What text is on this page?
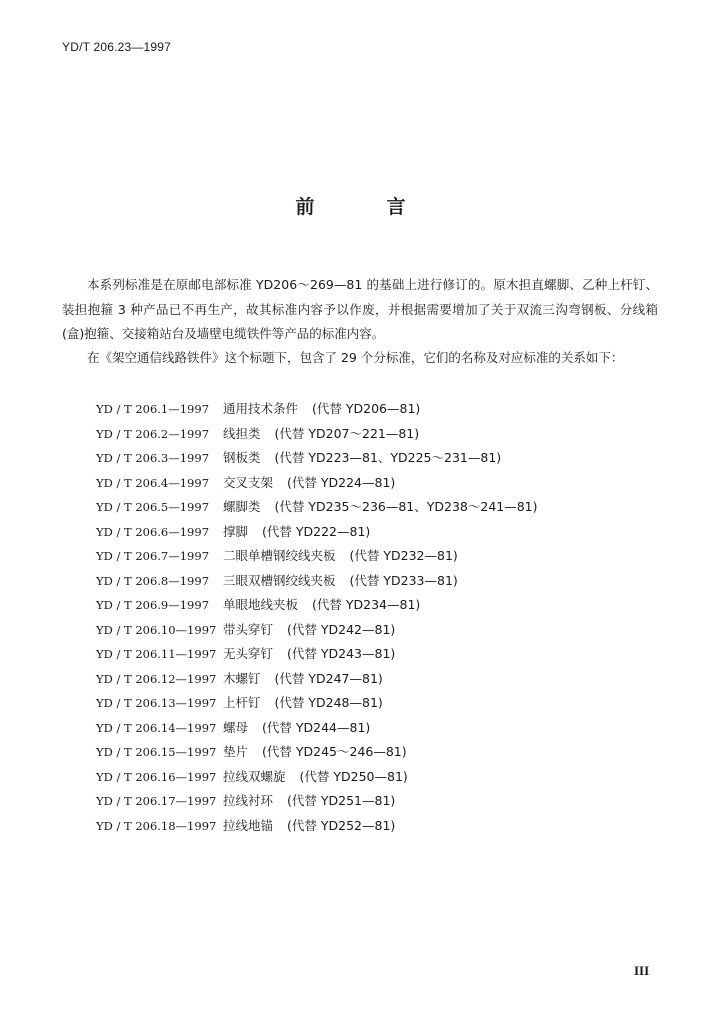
YD/T 206.23—1997
前	言

本系列标准是在原邮电部标准 YD206～269—81 的基础上进行修订的。原木担直螺脚、乙种上杆钉、装担抱箍 3 种产品已不再生产，故其标准内容予以作废，并根据需要增加了关于双流三沟弯钢板、分线箱(盒)抱箍、交接箱站台及墙壁电缆铁件等产品的标准内容。

在《架空通信线路铁件》这个标题下，包含了 29 个分标准，它们的名称及对应标准的关系如下：

YD / T 206.1—1997 通用技术条件 (代替 YD206—81)
YD / T 206.2—1997 线担类 (代替 YD207～221—81)
YD / T 206.3—1997 钢板类 (代替 YD223—81、YD225～231—81)
YD / T 206.4—1997 交叉支架 (代替 YD224—81)
YD / T 206.5—1997 螺脚类 (代替 YD235～236—81、YD238～241—81)
YD / T 206.6—1997 撑脚 (代替 YD222—81)
YD / T 206.7—1997 二眼单槽钢绞线夹板 (代替 YD232—81)
YD / T 206.8—1997 三眼双槽钢绞线夹板 (代替 YD233—81)
YD / T 206.9—1997 单眼地线夹板 (代替 YD234—81)
YD / T 206.10—1997 带头穿钉 (代替 YD242—81)
YD / T 206.11—1997 无头穿钉 (代替 YD243—81)
YD / T 206.12—1997 木螺钉 (代替 YD247—81)
YD / T 206.13—1997 上杆钉 (代替 YD248—81)
YD / T 206.14—1997 螺母 (代替 YD244—81)
YD / T 206.15—1997 垫片 (代替 YD245～246—81)
YD / T 206.16—1997 拉线双螺旋 (代替 YD250—81)
YD / T 206.17—1997 拉线衬环 (代替 YD251—81)
YD / T 206.18—1997 拉线地锚 (代替 YD252—81)
III
